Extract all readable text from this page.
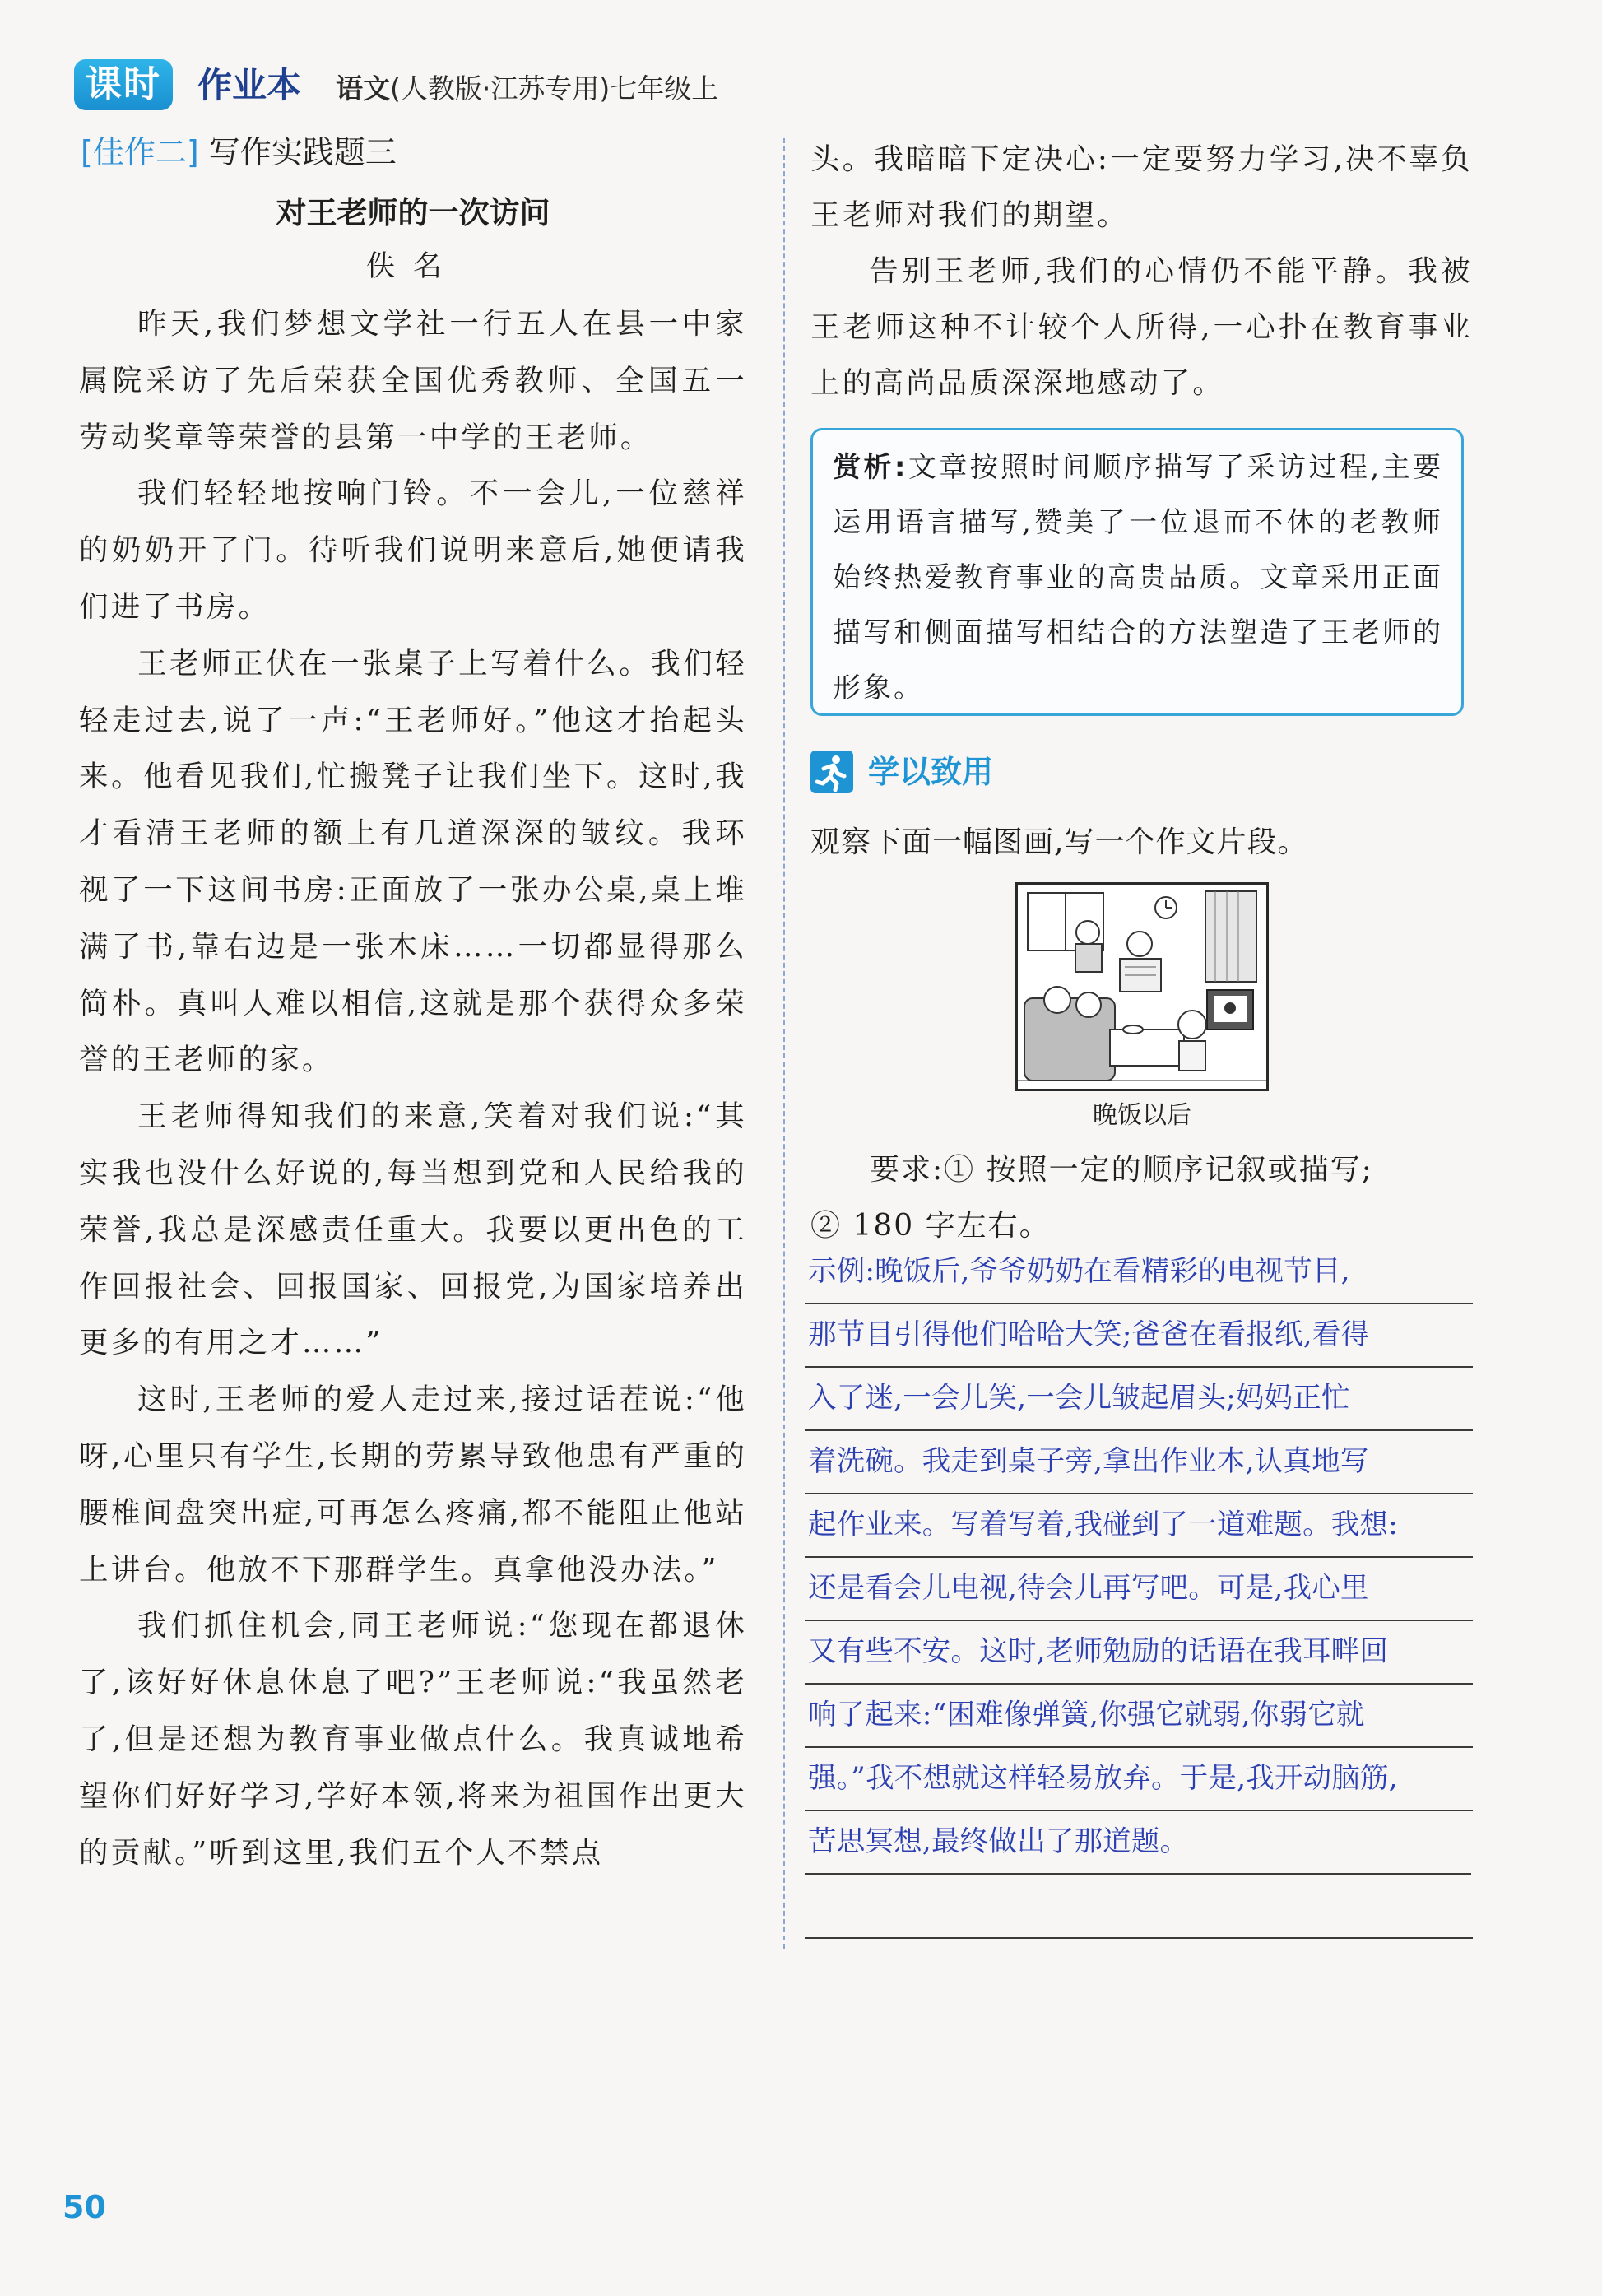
课时	作业本 语文(人教版·江苏专用)七年级上
[佳作二] 写作实践题三
对王老师的一次访问
佚名

昨天,我们梦想文学社一行五人在县一中家属院采访了先后荣获全国优秀教师、全国五一劳动奖章等荣誉的县第一中学的王老师。

我们轻轻地按响门铃。不一会儿,一位慈祥的奶奶开了门。待听我们说明来意后,她便请我们进了书房。

王老师正伏在一张桌子上写着什么。我们轻轻走过去,说了一声:“王老师好。”他这才抬起头来。他看见我们,忙搬凳子让我们坐下。这时,我才看清王老师的额上有几道深深的皱纹。我环视了一下这间书房:正面放了一张办公桌,桌上堆满了书,靠右边是一张木床……一切都显得那么简朴。真叫人难以相信,这就是那个获得众多荣誉的王老师的家。

王老师得知我们的来意,笑着对我们说:“其实我也没什么好说的,每当想到党和人民给我的荣誉,我总是深感责任重大。我要以更出色的工作回报社会、回报国家、回报党,为国家培养出更多的有用之才……”

这时,王老师的爱人走过来,接过话茬说:“他呀,心里只有学生,长期的劳累导致他患有严重的腰椎间盘突出症,可再怎么疼痛,都不能阻止他站上讲台。他放不下那群学生。真拿他没办法。”

我们抓住机会,同王老师说:“您现在都退休了,该好好休息休息了吧?”王老师说:“我虽然老了,但是还想为教育事业做点什么。我真诚地希望你们好好学习,学好本领,将来为祖国作出更大的贡献。”听到这里,我们五个人不禁点

头。我暗暗下定决心:一定要努力学习,决不辜负王老师对我们的期望。

告别王老师,我们的心情仍不能平静。我被王老师这种不计较个人所得,一心扑在教育事业上的高尚品质深深地感动了。

赏析:文章按照时间顺序描写了采访过程,主要运用语言描写,赞美了一位退而不休的老教师始终热爱教育事业的高贵品质。文章采用正面描写和侧面描写相结合的方法塑造了王老师的形象。
学以致用
观察下面一幅图画,写一个作文片段。
晚饭以后
要求:① 按照一定的顺序记叙或描写;
② 180 字左右。
示例:晚饭后,爷爷奶奶在看精彩的电视节目,
那节目引得他们哈哈大笑;爸爸在看报纸,看得
入了迷,一会儿笑,一会儿皱起眉头;妈妈正忙
着洗碗。我走到桌子旁,拿出作业本,认真地写
起作业来。写着写着,我碰到了一道难题。我想:
还是看会儿电视,待会儿再写吧。可是,我心里
又有些不安。这时,老师勉励的话语在我耳畔回
响了起来:“困难像弹簧,你强它就弱,你弱它就
强。”我不想就这样轻易放弃。于是,我开动脑筋,
苦思冥想,最终做出了那道题。
50
